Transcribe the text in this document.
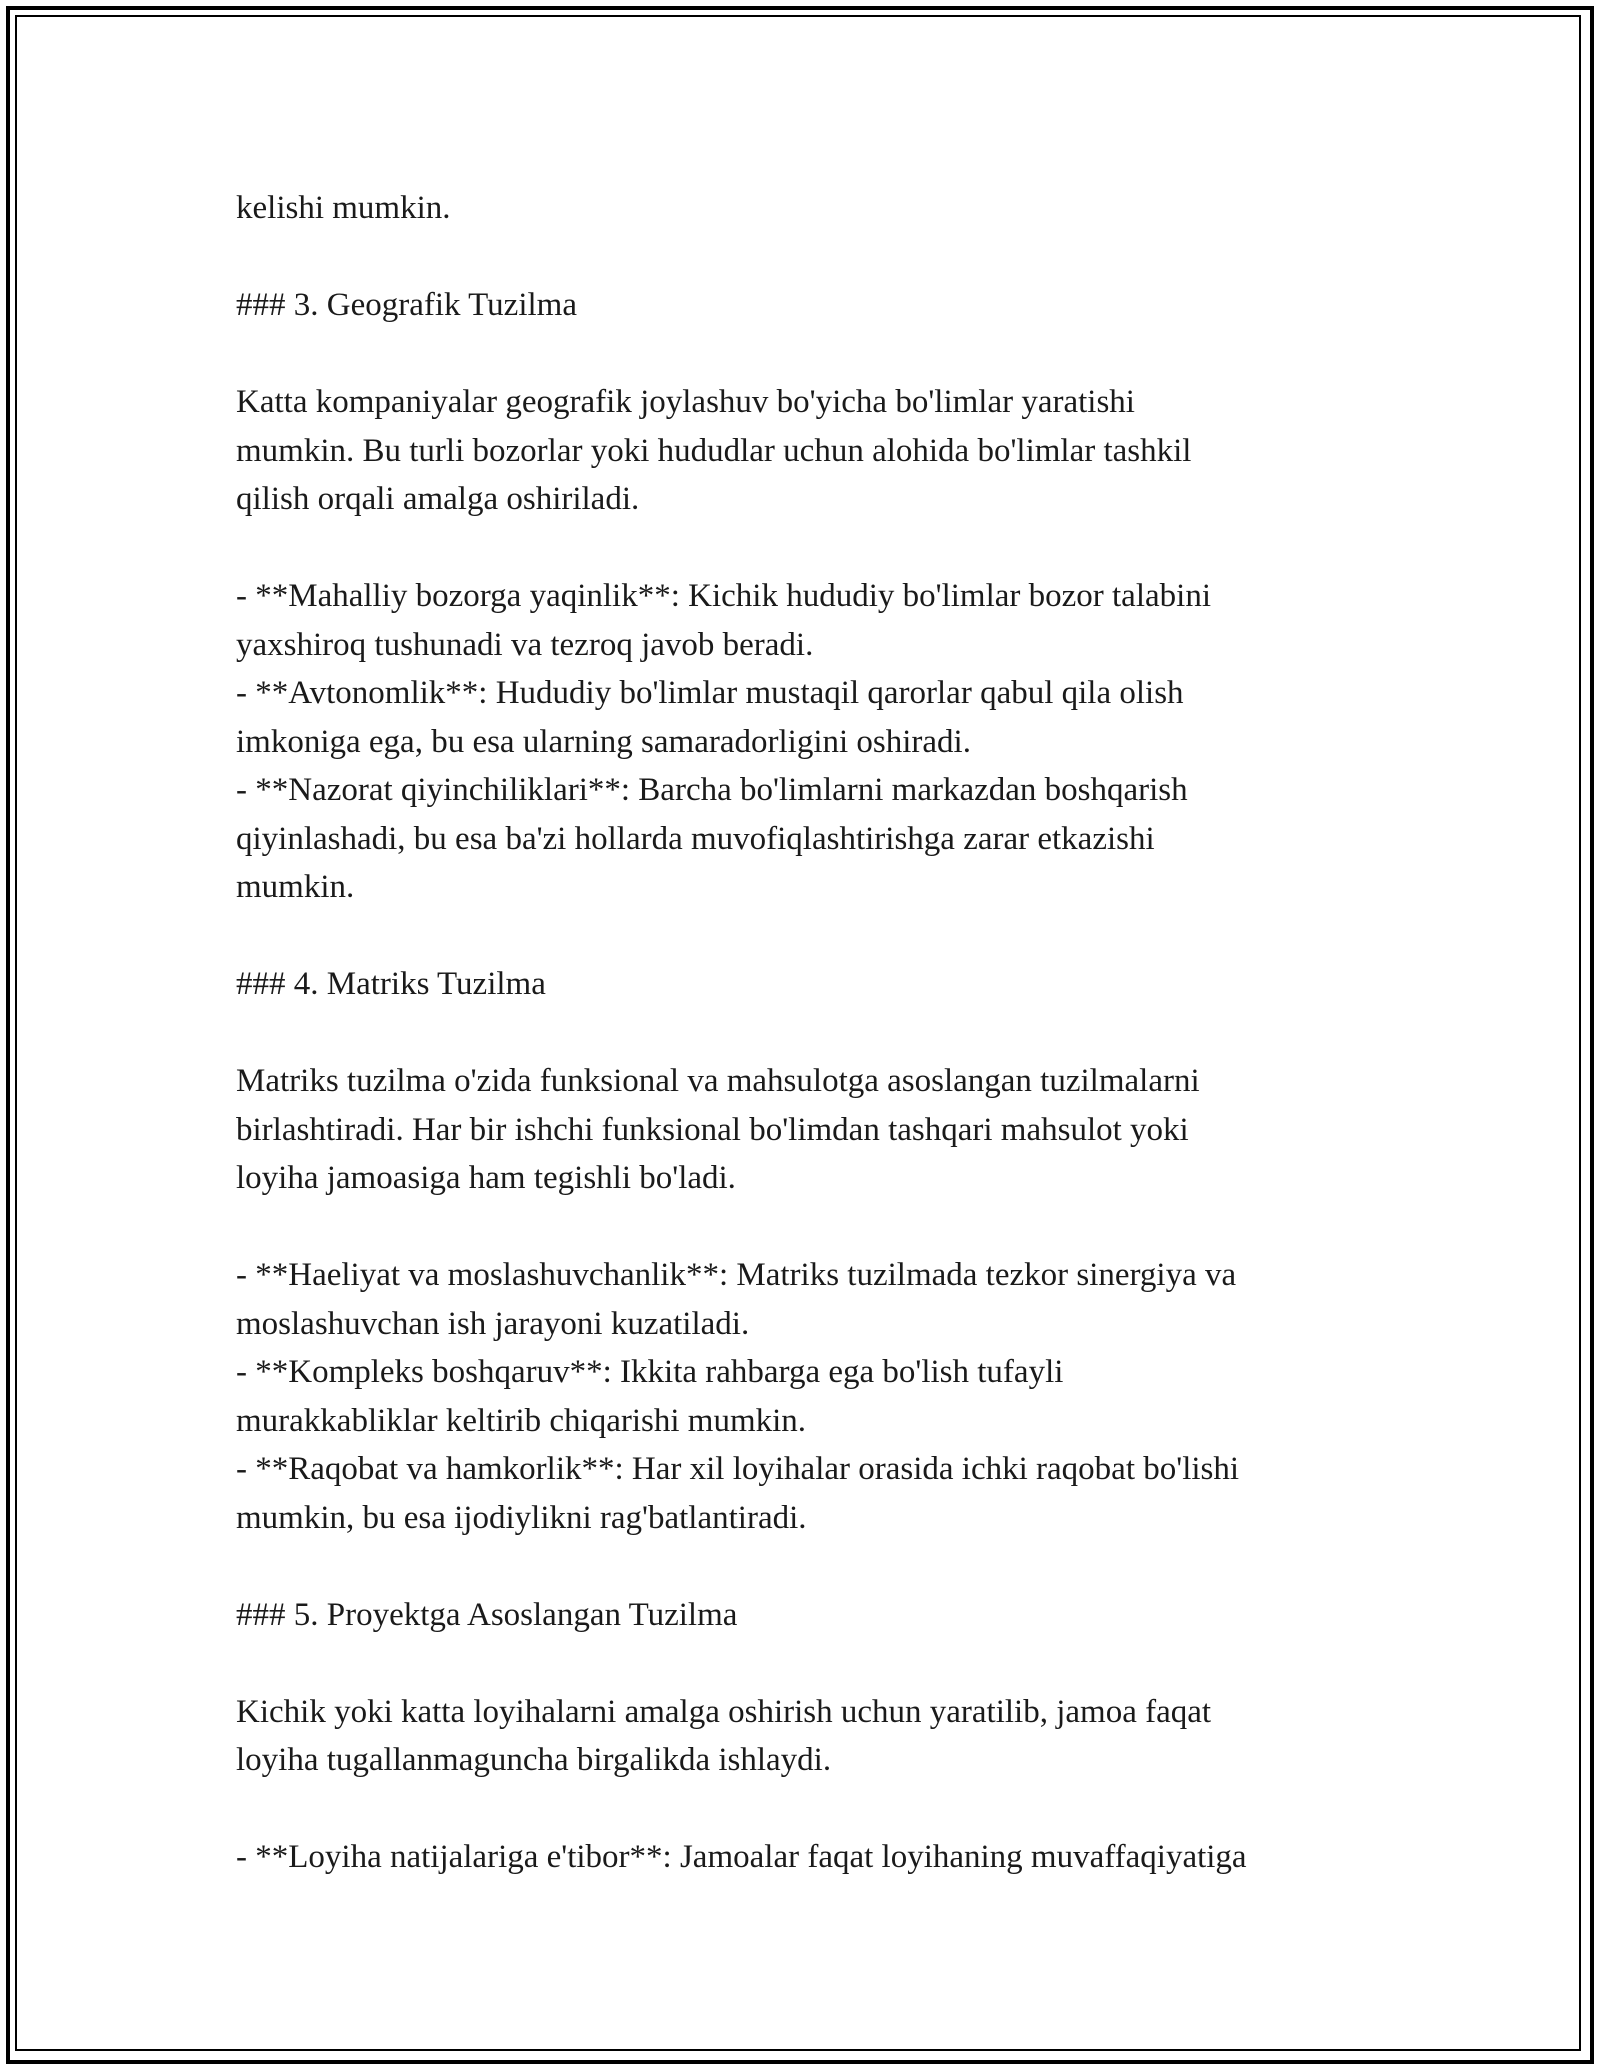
kelishi mumkin.
### 3. Geografik Tuzilma
Katta kompaniyalar geografik joylashuv bo'yicha bo'limlar yaratishi
mumkin. Bu turli bozorlar yoki hududlar uchun alohida bo'limlar tashkil
qilish orqali amalga oshiriladi.
- **Mahalliy bozorga yaqinlik**: Kichik hududiy bo'limlar bozor talabini
yaxshiroq tushunadi va tezroq javob beradi.
- **Avtonomlik**: Hududiy bo'limlar mustaqil qarorlar qabul qila olish
imkoniga ega, bu esa ularning samaradorligini oshiradi.
- **Nazorat qiyinchiliklari**: Barcha bo'limlarni markazdan boshqarish
qiyinlashadi, bu esa ba'zi hollarda muvofiqlashtirishga zarar etkazishi
mumkin.
### 4. Matriks Tuzilma
Matriks tuzilma o'zida funksional va mahsulotga asoslangan tuzilmalarni
birlashtiradi. Har bir ishchi funksional bo'limdan tashqari mahsulot yoki
loyiha jamoasiga ham tegishli bo'ladi.
- **Haeliyat va moslashuvchanlik**: Matriks tuzilmada tezkor sinergiya va
moslashuvchan ish jarayoni kuzatiladi.
- **Kompleks boshqaruv**: Ikkita rahbarga ega bo'lish tufayli
murakkabliklar keltirib chiqarishi mumkin.
- **Raqobat va hamkorlik**: Har xil loyihalar orasida ichki raqobat bo'lishi
mumkin, bu esa ijodiylikni rag'batlantiradi.
### 5. Proyektga Asoslangan Tuzilma
Kichik yoki katta loyihalarni amalga oshirish uchun yaratilib, jamoa faqat
loyiha tugallanmaguncha birgalikda ishlaydi.
- **Loyiha natijalariga e'tibor**: Jamoalar faqat loyihaning muvaffaqiyatiga
